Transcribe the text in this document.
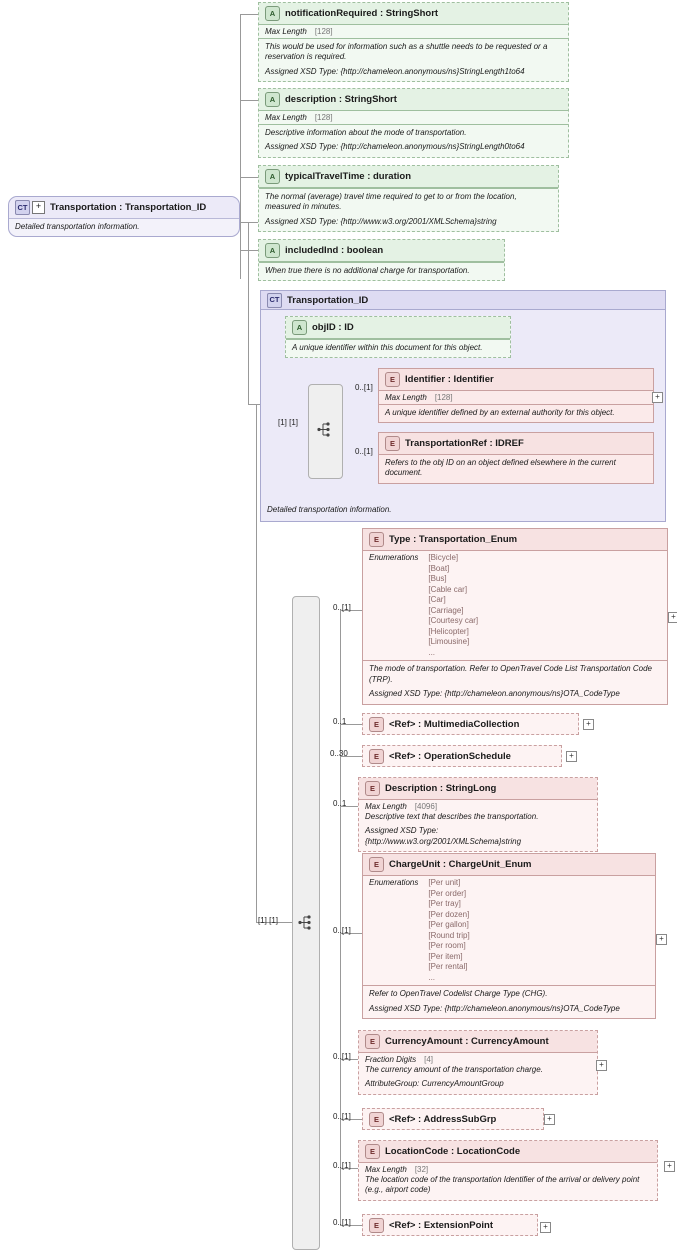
CT + Transportation : Transportation_ID
Detailed transportation information.
A	notificationRequired : StringShort
Max Length [128]
This would be used for information such as a shuttle needs to be requested or a reservation is required.
Assigned XSD Type: {http://chameleon.anonymous/ns}StringLength1to64
A	description : StringShort
Max Length [128]
Descriptive information about the mode of transportation.
Assigned XSD Type: {http://chameleon.anonymous/ns}StringLength0to64
A	typicalTravelTime : duration
The normal (average) travel time required to get to or from the location, measured in minutes.
Assigned XSD Type: {http://www.w3.org/2001/XMLSchema}string
A	includedInd : boolean
When true there is no additional charge for transportation.
CT Transportation_ID
Detailed transportation information.
A	objID : ID
A unique identifier within this document for this object.
[1] [1]
0..[1]
E	Identifier : Identifier
Max Length [128]
A unique identifier defined by an external authority for this object.
+
0..[1]
E	TransportationRef : IDREF
Refers to the obj ID on an object defined elsewhere in the current document.
[1] [1]
0..[1]
E	Type : Transportation_Enum
Enumerations [Bicycle]
[Boat]
[Bus]
[Cable car]
[Car]
[Carriage]
[Courtesy car]
[Helicopter]
[Limousine]
...
The mode of transportation. Refer to OpenTravel Code List Transportation Code (TRP).
Assigned XSD Type: {http://chameleon.anonymous/ns}OTA_CodeType
+
0..1	E	<Ref> : MultimediaCollection	+
0..30	E	<Ref> : OperationSchedule	+
0..1
E	Description : StringLong
Max Length [4096]
Descriptive text that describes the transportation.
Assigned XSD Type: {http://www.w3.org/2001/XMLSchema}string
0..[1]
E	ChargeUnit : ChargeUnit_Enum
Enumerations [Per unit]
[Per order]
[Per tray]
[Per dozen]
[Per gallon]
[Round trip]
[Per room]
[Per item]
[Per rental]
...
Refer to OpenTravel Codelist Charge Type (CHG).
Assigned XSD Type: {http://chameleon.anonymous/ns}OTA_CodeType
+
0..[1]
E	CurrencyAmount : CurrencyAmount
Fraction Digits [4]
The currency amount of the transportation charge.
AttributeGroup: CurrencyAmountGroup
+
0..[1]	E	<Ref> : AddressSubGrp	+
0..[1]
E	LocationCode : LocationCode
Max Length [32]
The location code of the transportation Identifier of the arrival or delivery point (e.g., airport code)
+
0..[1]	E	<Ref> : ExtensionPoint	+
